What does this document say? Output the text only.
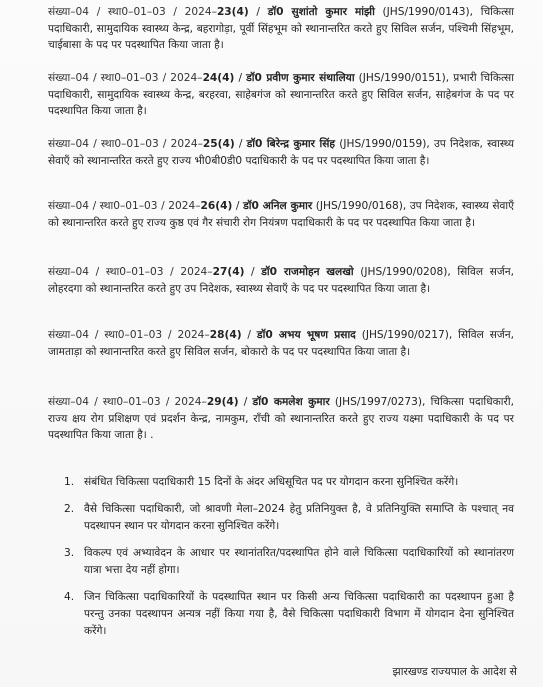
संख्या–04 / स्था0–01–03 / 2024–23(4) / डॉ0 सुशांतो कुमार मांझी (JHS/1990/0143), चिकित्सा पदाधिकारी, सामुदायिक स्वास्थ्य केन्द्र, बहरागोड़ा, पूर्वी सिंहभूम को स्थानान्तरित करते हुए सिविल सर्जन, पश्चिमी सिंहभूम, चाईबासा के पद पर पदस्थापित किया जाता है।
संख्या–04 / स्था0–01–03 / 2024–24(4) / डॉ0 प्रवीण कुमार संथालिया (JHS/1990/0151), प्रभारी चिकित्सा पदाधिकारी, सामुदायिक स्वास्थ्य केन्द्र, बरहरवा, साहेबगंज को स्थानान्तरित करते हुए सिविल सर्जन, साहेबगंज के पद पर पदस्थापित किया जाता है।
संख्या–04 / स्था0–01–03 / 2024–25(4) / डॉ0 बिरेन्द्र कुमार सिंह (JHS/1990/0159), उप निदेशक, स्वास्थ्य सेवाएँ को स्थानान्तरित करते हुए राज्य भी0बी0डी0 पदाधिकारी के पद पर पदस्थापित किया जाता है।
संख्या–04 / स्था0–01–03 / 2024–26(4) / डॉ0 अनिल कुमार (JHS/1990/0168), उप निदेशक, स्वास्थ्य सेवाएँ को स्थानान्तरित करते हुए राज्य कुष्ठ एवं गैर संचारी रोग नियंत्रण पदाधिकारी के पद पर पदस्थापित किया जाता है।
संख्या–04 / स्था0–01–03 / 2024–27(4) / डॉ0 राजमोहन खलखो (JHS/1990/0208), सिविल सर्जन, लोहरदगा को स्थानान्तरित करते हुए उप निदेशक, स्वास्थ्य सेवाएँ के पद पर पदस्थापित किया जाता है।
संख्या–04 / स्था0–01–03 / 2024–28(4) / डॉ0 अभय भूषण प्रसाद (JHS/1990/0217), सिविल सर्जन, जामताड़ा को स्थानान्तरित करते हुए सिविल सर्जन, बोकारो के पद पर पदस्थापित किया जाता है।
संख्या–04 / स्था0–01–03 / 2024–29(4) / डॉ0 कमलेश कुमार (JHS/1997/0273), चिकित्सा पदाधिकारी, राज्य क्षय रोग प्रशिक्षण एवं प्रदर्शन केन्द्र, नामकुम, राँची को स्थानान्तरित करते हुए राज्य यक्ष्मा पदाधिकारी के पद पर पदस्थापित किया जाता है। .
1. संबंधित चिकित्सा पदाधिकारी 15 दिनों के अंदर अधिसूचित पद पर योगदान करना सुनिश्चित करेंगे।
2. वैसे चिकित्सा पदाधिकारी, जो श्रावणी मेला–2024 हेतु प्रतिनियुक्त है, वे प्रतिनियुक्ति समाप्ति के पश्चात् नव पदस्थापन स्थान पर योगदान करना सुनिश्चित करेंगे।
3. विकल्प एवं अभ्यावेदन के आधार पर स्थानांतरित/पदस्थापित होने वाले चिकित्सा पदाधिकारियों को स्थानांतरण यात्रा भत्ता देय नहीं होगा।
4. जिन चिकित्सा पदाधिकारियों के पदस्थापित स्थान पर किसी अन्य चिकित्सा पदाधिकारी का पदस्थापन हुआ है परन्तु उनका पदस्थापन अन्यत्र नहीं किया गया है, वैसे चिकित्सा पदाधिकारी विभाग में योगदान देना सुनिश्चित करेंगे।
झारखण्ड राज्यपाल के आदेश से
